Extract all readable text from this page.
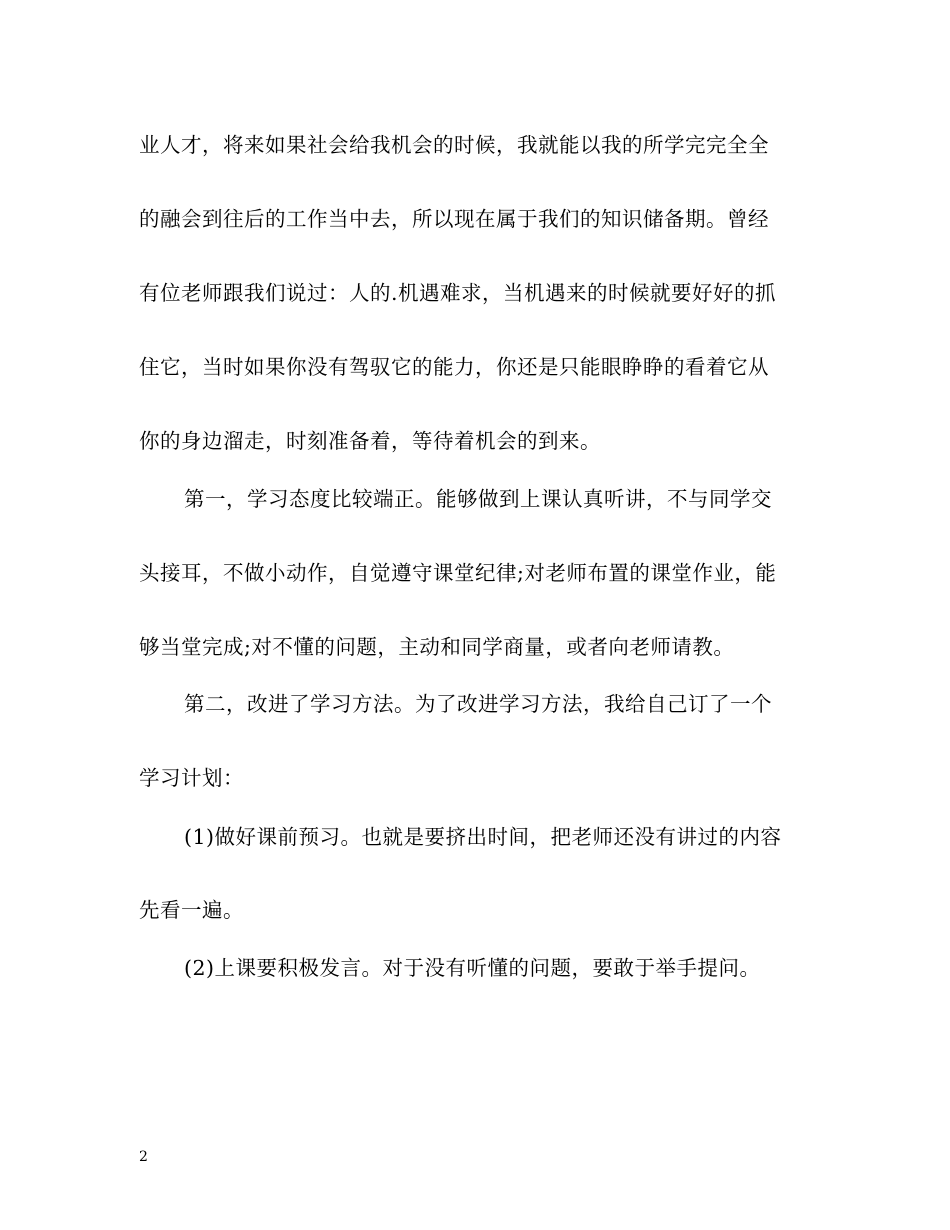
业人才，将来如果社会给我机会的时候，我就能以我的所学完完全全
的融会到往后的工作当中去，所以现在属于我们的知识储备期。曾经
有位老师跟我们说过：人的.机遇难求，当机遇来的时候就要好好的抓
住它，当时如果你没有驾驭它的能力，你还是只能眼睁睁的看着它从
你的身边溜走，时刻准备着，等待着机会的到来。
第一，学习态度比较端正。能够做到上课认真听讲，不与同学交
头接耳，不做小动作，自觉遵守课堂纪律;对老师布置的课堂作业，能
够当堂完成;对不懂的问题，主动和同学商量，或者向老师请教。
第二，改进了学习方法。为了改进学习方法，我给自己订了一个
学习计划：
(1)做好课前预习。也就是要挤出时间，把老师还没有讲过的内容
先看一遍。
(2)上课要积极发言。对于没有听懂的问题，要敢于举手提问。
2
